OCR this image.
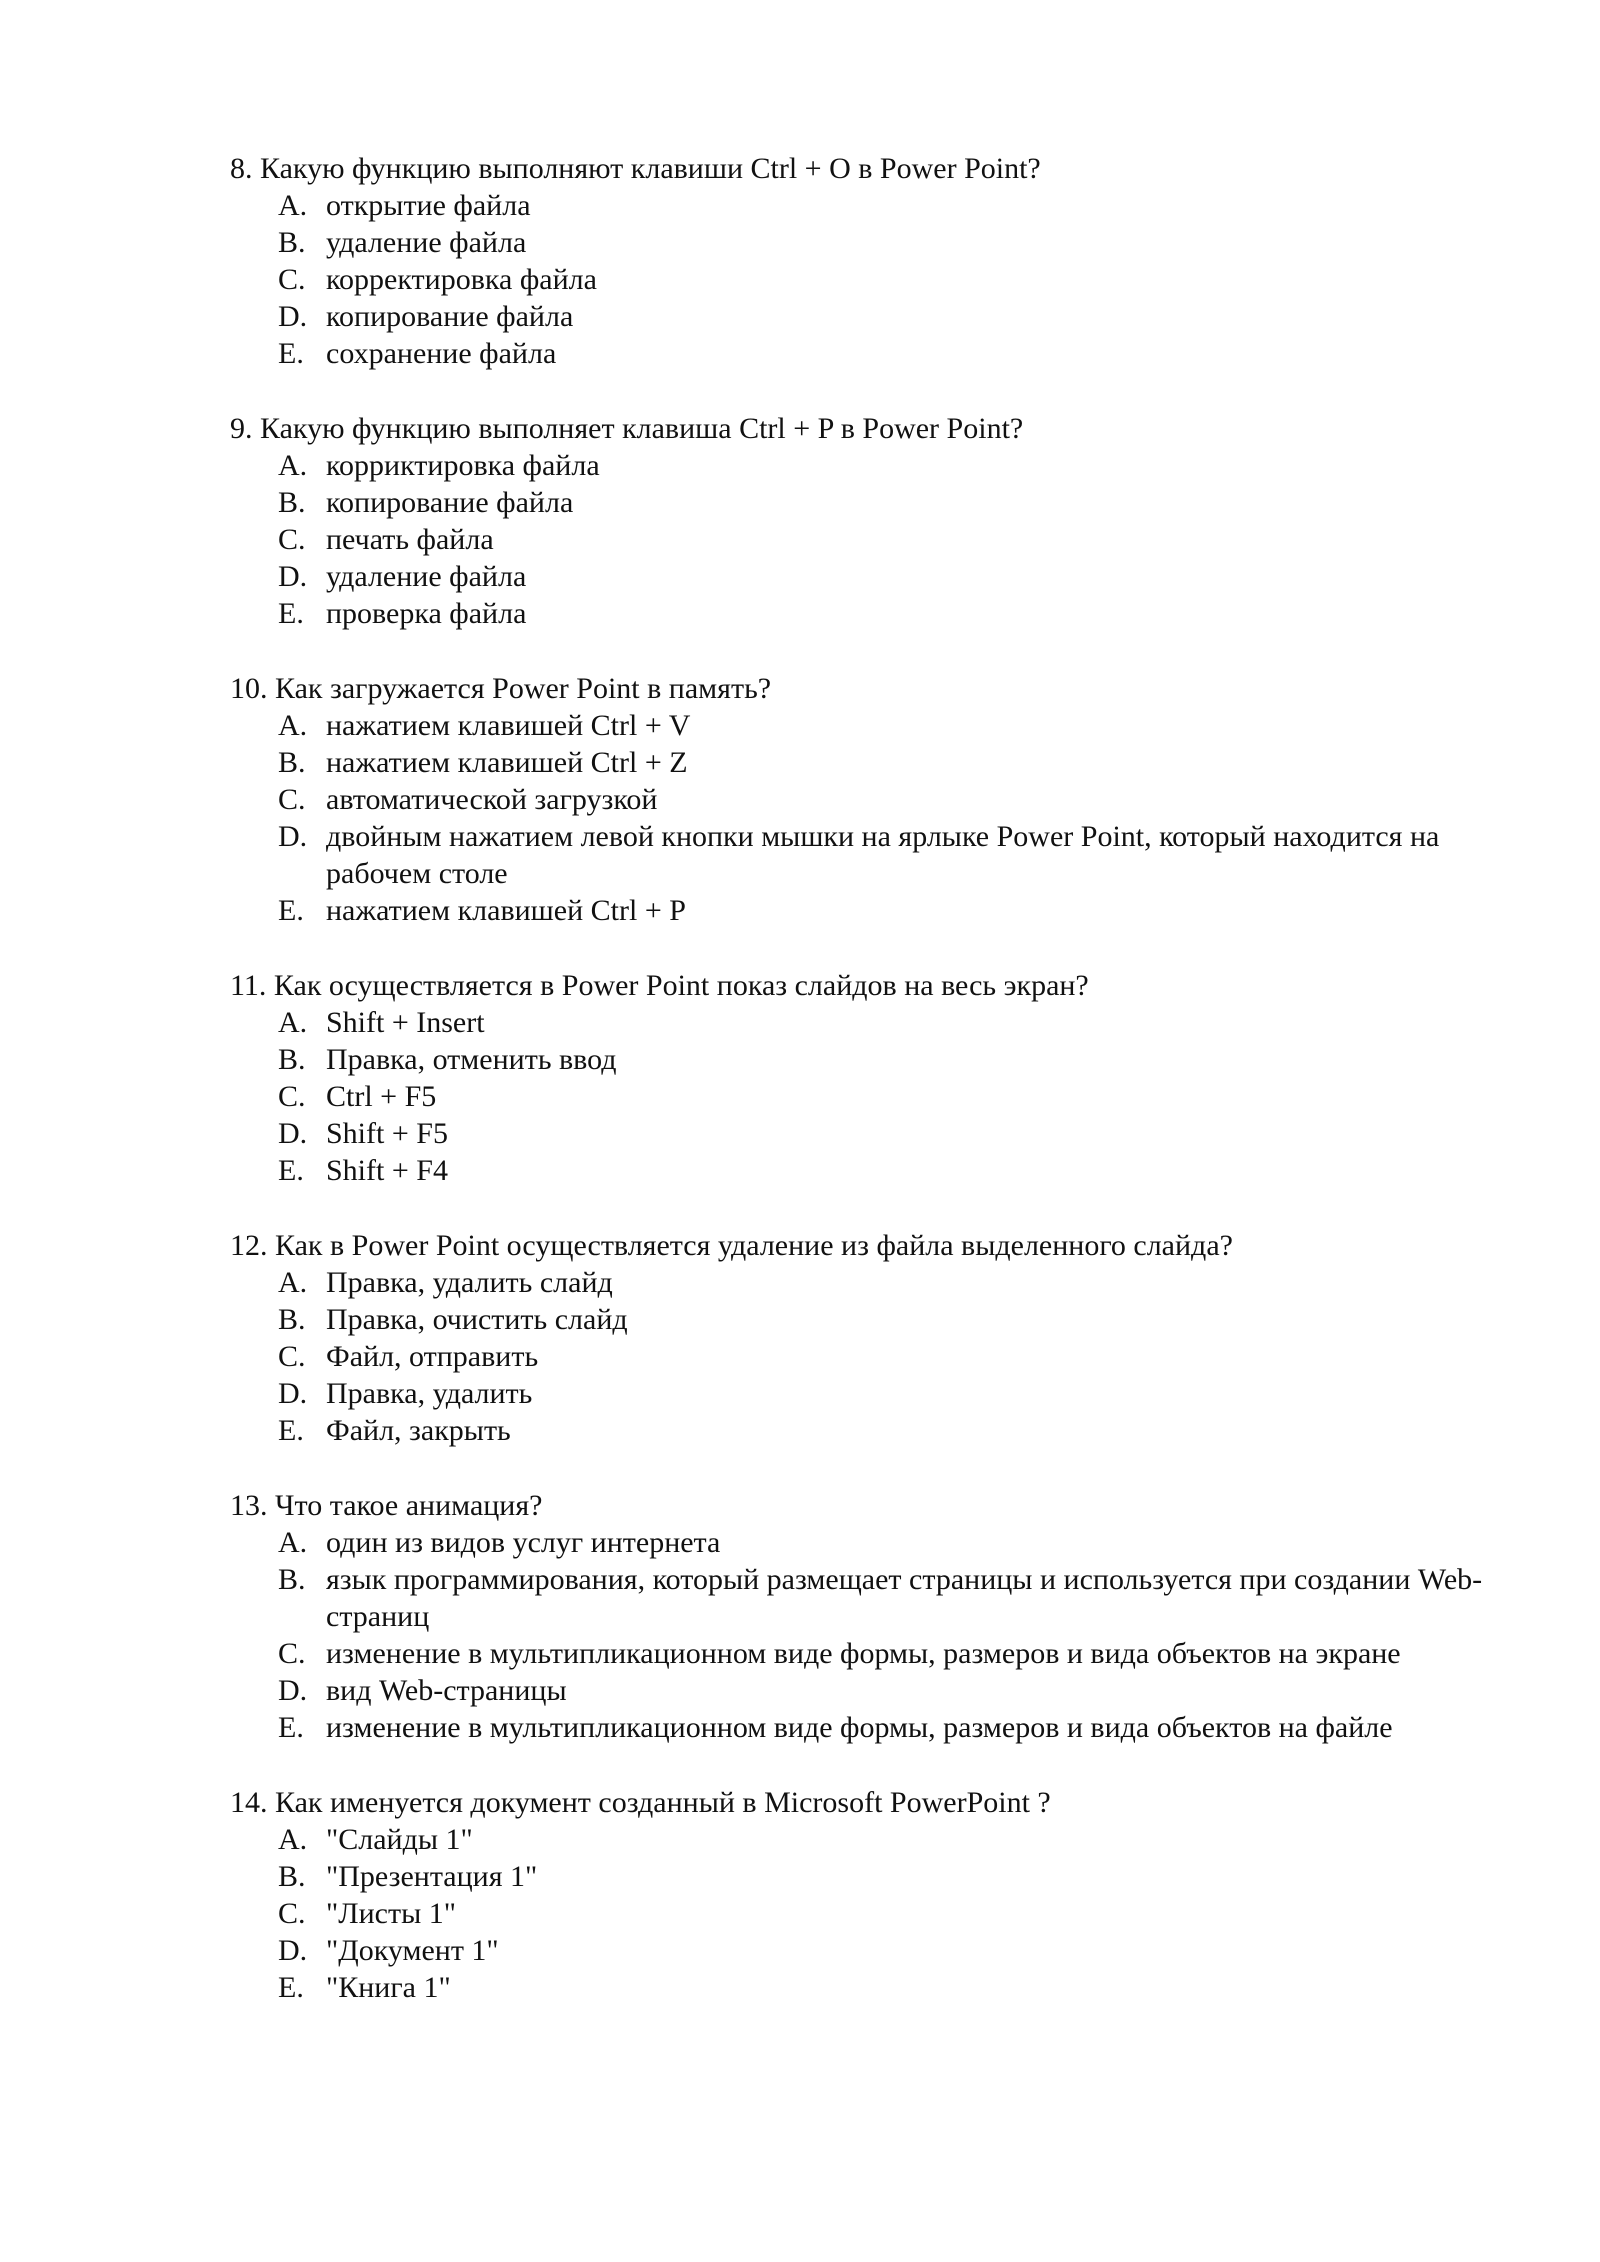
8. Какую функцию выполняют клавиши Ctrl + O в Power Point?

A. открытие файла
B. удаление файла
C. корректировка файла
D. копирование файла
E. сохранение файла

9. Какую функцию выполняет клавиша Ctrl + P в Power Point?

A. корриктировка файла
B. копирование файла
C. печать файла
D. удаление файла
E. проверка файла

10. Как загружается Power Point в память?

A. нажатием клавишей Ctrl + V
B. нажатием клавишей Ctrl + Z
C. автоматической загрузкой
D. двойным нажатием левой кнопки мышки на ярлыке Power Point, который находится на рабочем столе
E. нажатием клавишей Ctrl + P

11. Как осуществляется в Power Point показ слайдов на весь экран?

A. Shift + Insert
B. Правка, отменить ввод
C. Ctrl + F5
D. Shift + F5
E. Shift + F4

12. Как в Power Point осуществляется удаление из файла выделенного слайда?

A. Правка, удалить слайд
B. Правка, очистить слайд
C. Файл, отправить
D. Правка, удалить
E. Файл, закрыть

13. Что такое анимация?

A. один из видов услуг интернета
B. язык программирования, который размещает страницы и используется при создании Web-страниц
C. изменение в мультипликационном виде формы, размеров и вида объектов на экране
D. вид Web-страницы
E. изменение в мультипликационном виде формы, размеров и вида объектов на файле

14. Как именуется документ созданный в Microsoft PowerPoint ?

A. "Слайды 1"
B. "Презентация 1"
C. "Листы 1"
D. "Документ 1"
E. "Книга 1"
